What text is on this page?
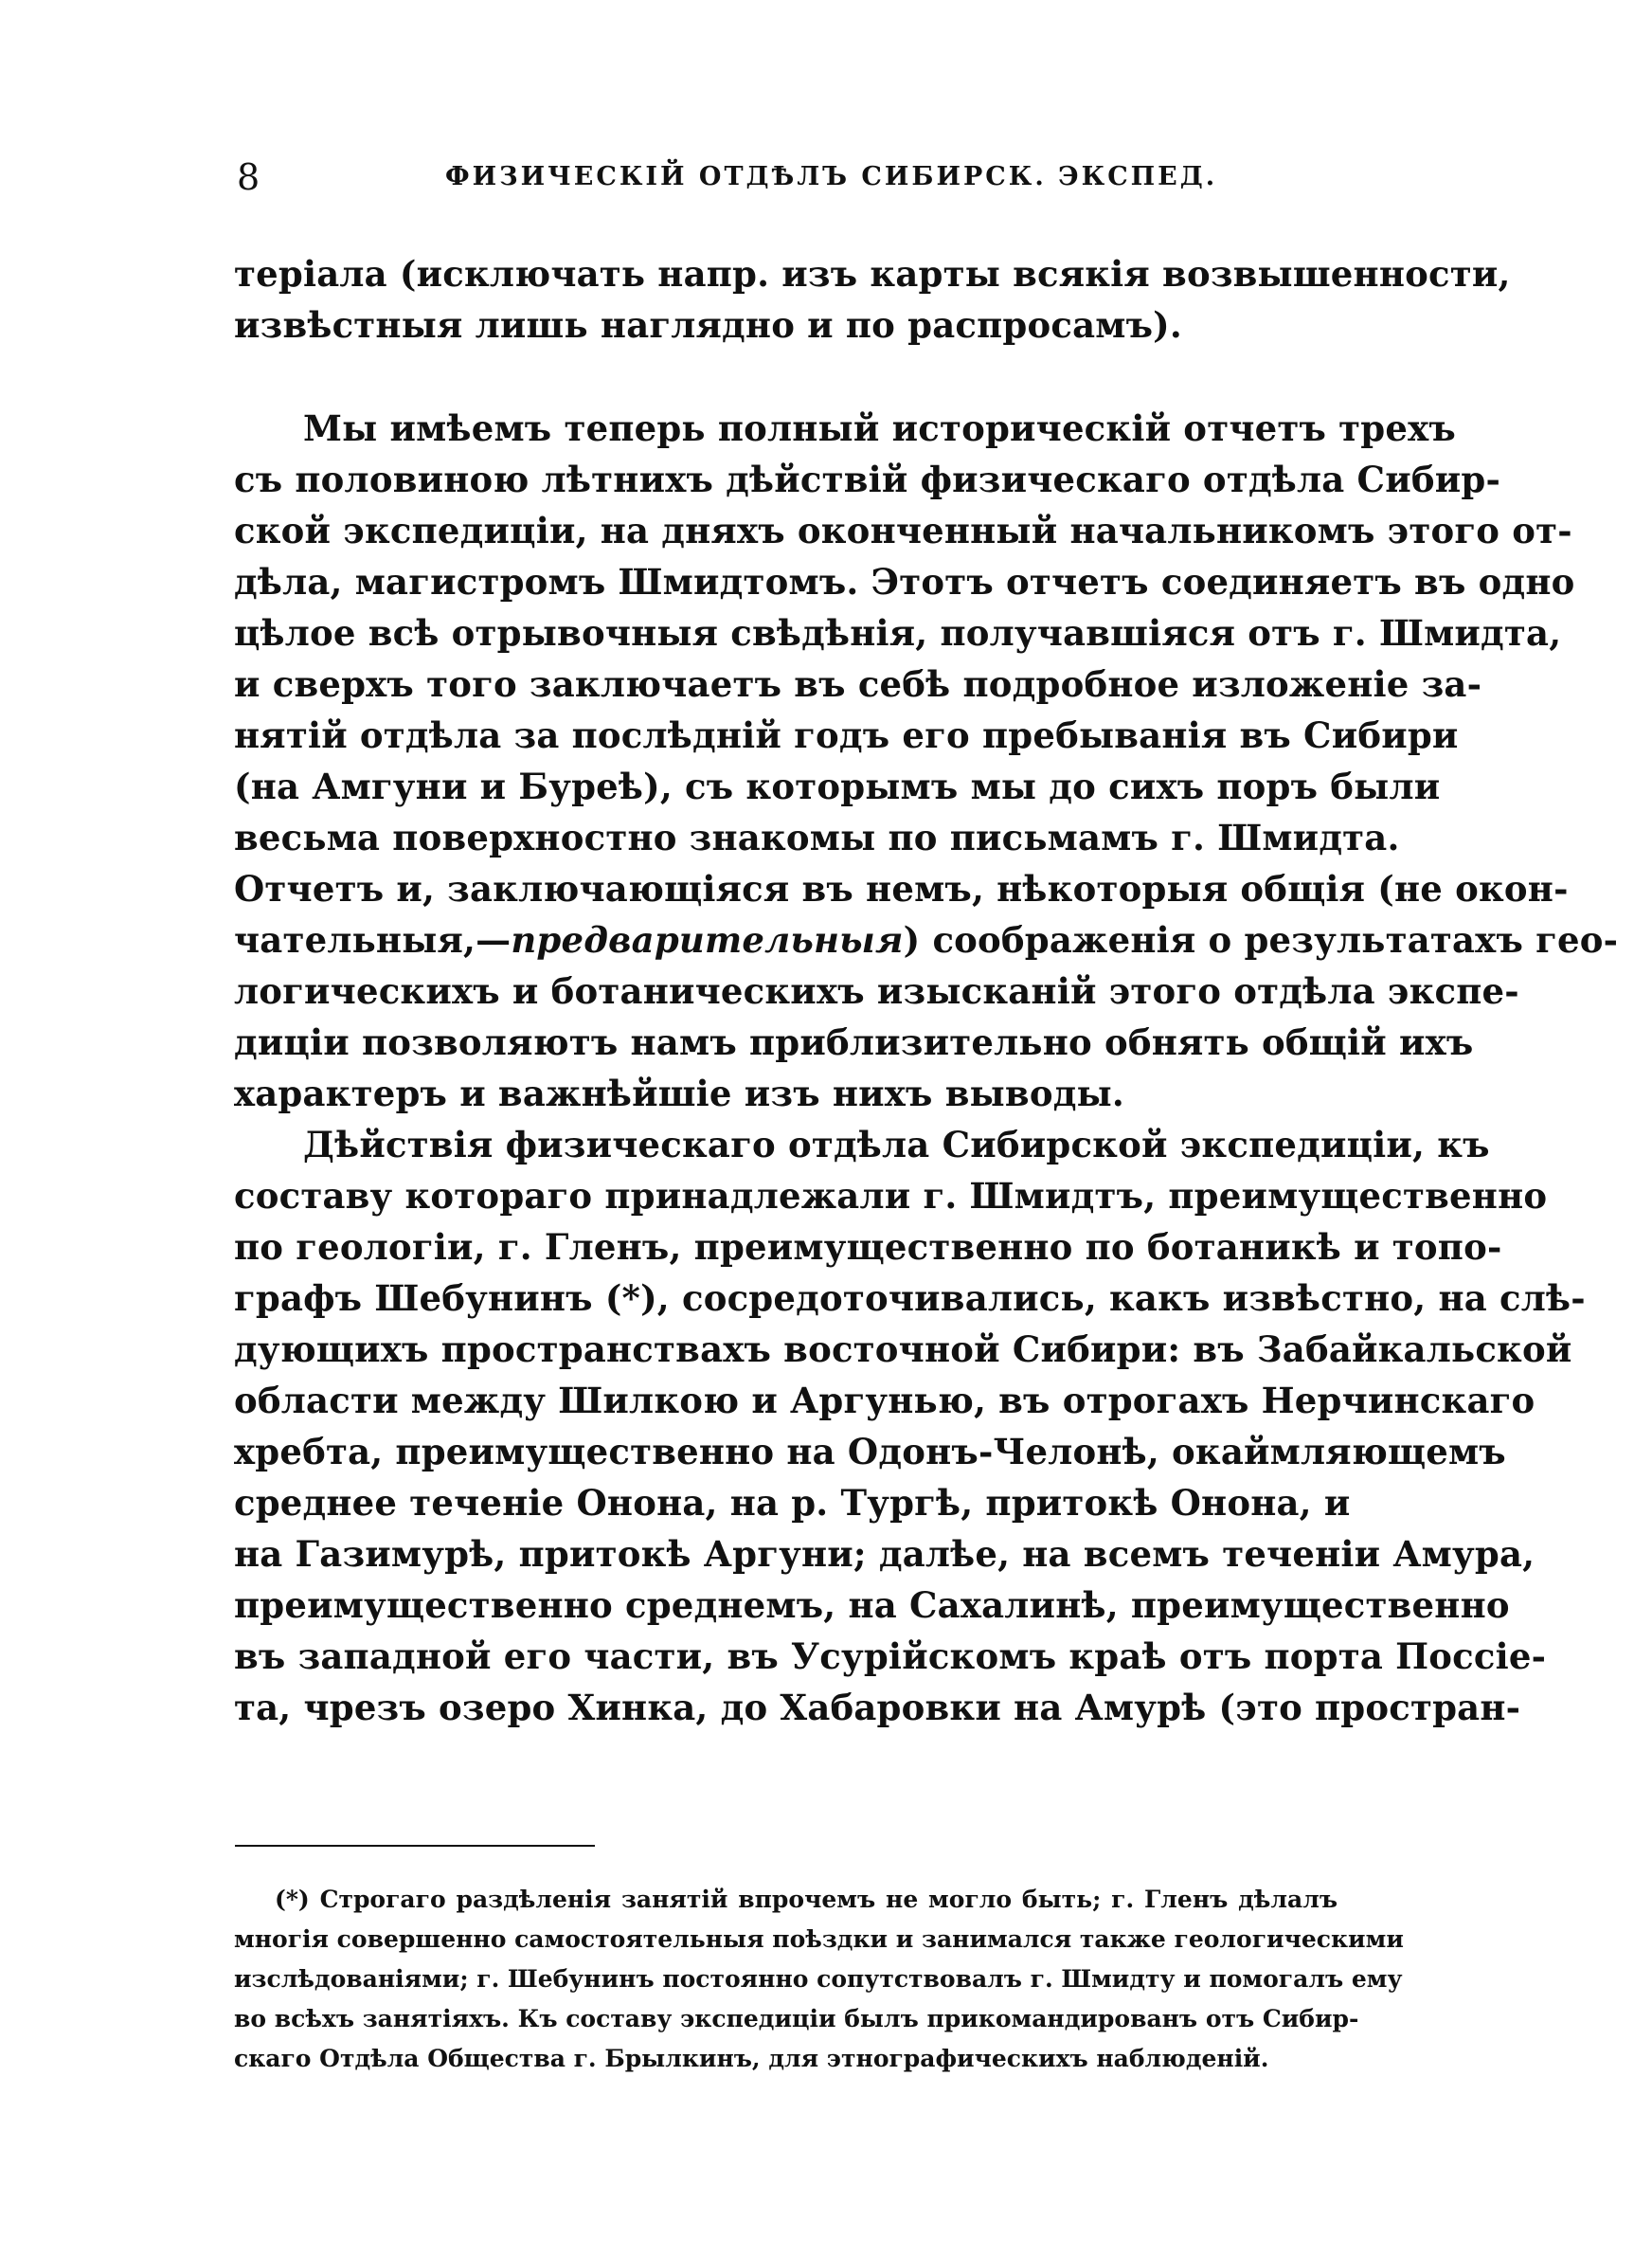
8	ФИЗИЧЕСКІЙ ОТДѢЛЪ СИБИРСК. ЭКСПЕД.
теріала (исключать напр. изъ карты всякія возвышенности,
извѣстныя лишь наглядно и по распросамъ).
Мы имѣемъ теперь полный историческій отчетъ трехъ
съ половиною лѣтнихъ дѣйствій физическаго отдѣла Сибир-
ской экспедиціи, на дняхъ оконченный начальникомъ этого от-
дѣла, магистромъ Шмидтомъ. Этотъ отчетъ соединяетъ въ одно
цѣлое всѣ отрывочныя свѣдѣнія, получавшіяся отъ г. Шмидта,
и сверхъ того заключаетъ въ себѣ подробное изложеніе за-
нятій отдѣла за послѣдній годъ его пребыванія въ Сибири
(на Амгуни и Буреѣ), съ которымъ мы до сихъ поръ были
весьма поверхностно знакомы по письмамъ г. Шмидта.
Отчетъ и, заключающіяся въ немъ, нѣкоторыя общія (не окон-
чательныя,—предварительныя) соображенія о результатахъ гео-
логическихъ и ботаническихъ изысканій этого отдѣла экспе-
диціи позволяютъ намъ приблизительно обнять общій ихъ
характеръ и важнѣйшіе изъ нихъ выводы.
Дѣйствія физическаго отдѣла Сибирской экспедиціи, къ
составу котораго принадлежали г. Шмидтъ, преимущественно
по геологіи, г. Гленъ, преимущественно по ботаникѣ и топо-
графъ Шебунинъ (*), сосредоточивались, какъ извѣстно, на слѣ-
дующихъ пространствахъ восточной Сибири: въ Забайкальской
области между Шилкою и Аргунью, въ отрогахъ Нерчинскаго
хребта, преимущественно на Одонъ-Челонѣ, окаймляющемъ
среднее теченіе Онона, на р. Тургѣ, притокѣ Онона, и
на Газимурѣ, притокѣ Аргуни; далѣе, на всемъ теченіи Амура,
преимущественно среднемъ, на Сахалинѣ, преимущественно
въ западной его части, въ Усурійскомъ краѣ отъ порта Поссіе-
та, чрезъ озеро Хинка, до Хабаровки на Амурѣ (это простран-
(*) Строгаго раздѣленія занятій впрочемъ не могло быть; г. Гленъ дѣлалъ
многія совершенно самостоятельныя поѣздки и занимался также геологическими
изслѣдованіями; г. Шебунинъ постоянно сопутствовалъ г. Шмидту и помогалъ ему
во всѣхъ занятіяхъ. Къ составу экспедиціи былъ прикомандированъ отъ Сибир-
скаго Отдѣла Общества г. Брылкинъ, для этнографическихъ наблюденій.
